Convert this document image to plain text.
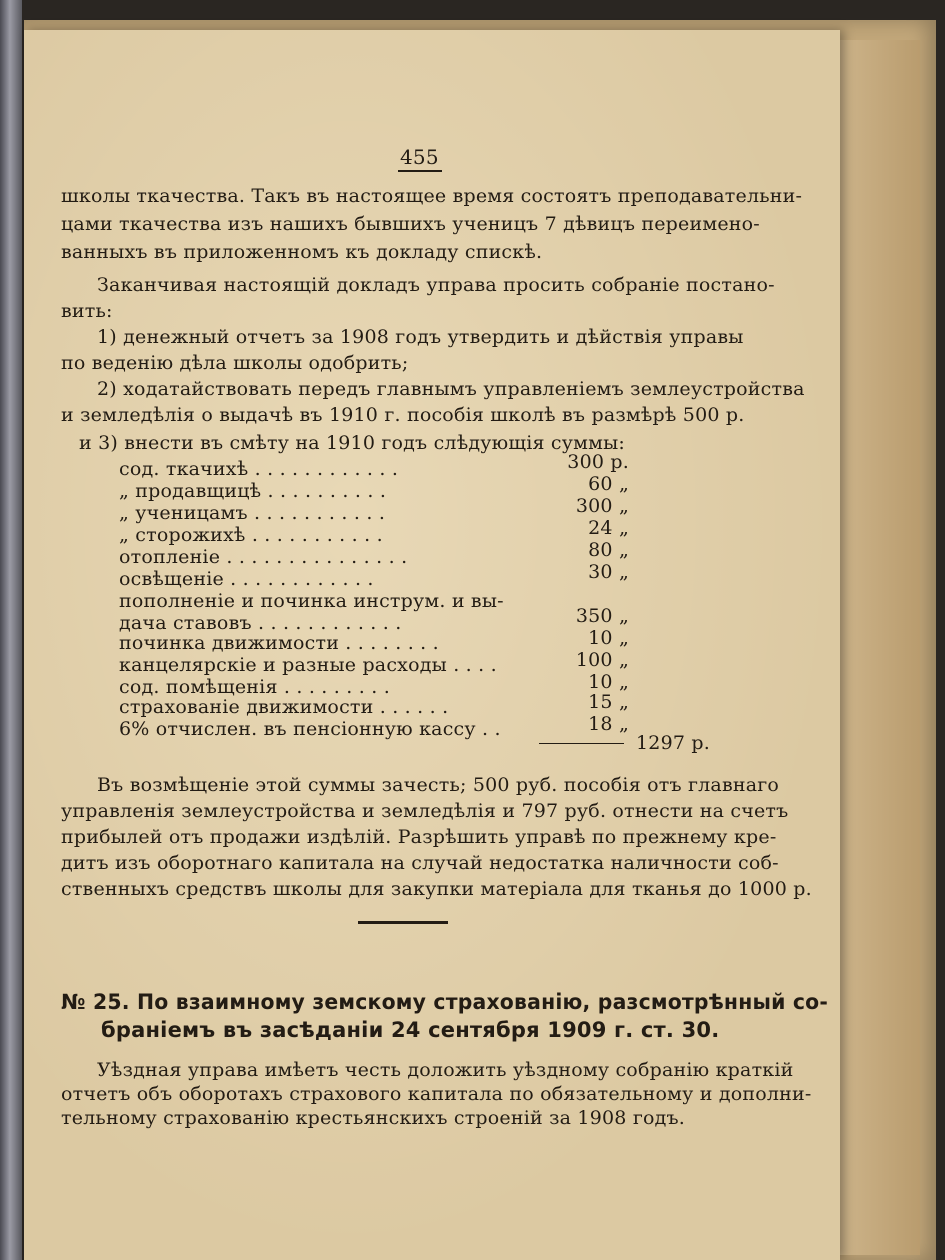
455
школы ткачества. Такъ въ настоящее время состоятъ преподавательни-
цами ткачества изъ нашихъ бывшихъ ученицъ 7 дѣвицъ переимено-
ванныхъ въ приложенномъ къ докладу спискѣ.
Заканчивая настоящій докладъ управа просить собраніе постано-
вить:
1) денежный отчетъ за 1908 годъ утвердить и дѣйствія управы
по веденію дѣла школы одобрить;
2) ходатайствовать передъ главнымъ управленіемъ землеустройства
и земледѣлія о выдачѣ въ 1910 г. пособія школѣ въ размѣрѣ 500 р.
и 3) внести въ смѣту на 1910 годъ слѣдующія суммы:
сод. ткачихѣ . . . . . . . . . . . .	300 р.
„ продавщицѣ . . . . . . . . . .	60 „
„ ученицамъ . . . . . . . . . . .	300 „
„ сторожихѣ . . . . . . . . . . .	24 „
отопленіе . . . . . . . . . . . . . . .	80 „
освѣщеніе . . . . . . . . . . . .	30 „
пополненіе и починка инструм. и вы-
дача ставовъ . . . . . . . . . . . .	350 „
починка движимости . . . . . . . .	10 „
канцелярскіе и разные расходы . . . .	100 „
сод. помѣщенія . . . . . . . . .	10 „
страхованіе движимости . . . . . .	15 „
6% отчислен. въ пенсіонную кассу . .	18 „
1297 р.
Въ возмѣщеніе этой суммы зачесть; 500 руб. пособія отъ главнаго
управленія землеустройства и земледѣлія и 797 руб. отнести на счетъ
прибылей отъ продажи издѣлій. Разрѣшить управѣ по прежнему кре-
дитъ изъ оборотнаго капитала на случай недостатка наличности соб-
ственныхъ средствъ школы для закупки матеріала для тканья до 1000 р.
№ 25. По взаимному земскому страхованію, разсмотрѣнный со-
браніемъ въ засѣданіи 24 сентября 1909 г. ст. 30.
Уѣздная управа имѣетъ честь доложить уѣздному собранію краткій
отчетъ объ оборотахъ страхового капитала по обязательному и дополни-
тельному страхованію крестьянскихъ строеній за 1908 годъ.
